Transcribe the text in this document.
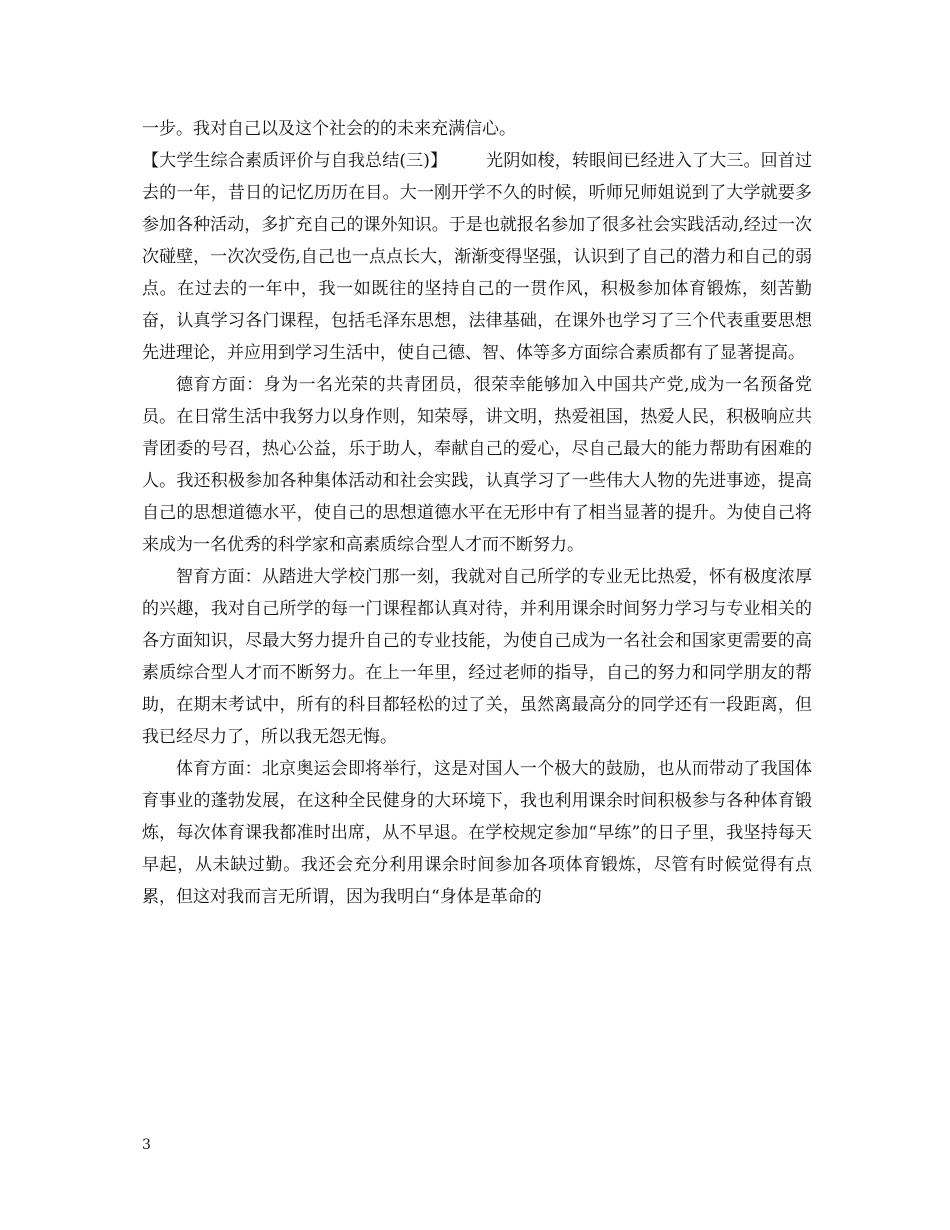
一步。我对自己以及这个社会的的未来充满信心。

【大学生综合素质评价与自我总结(三)】       光阴如梭，转眼间已经进入了大三。回首过去的一年，昔日的记忆历历在目。大一刚开学不久的时候，听师兄师姐说到了大学就要多参加各种活动，多扩充自己的课外知识。于是也就报名参加了很多社会实践活动,经过一次次碰壁，一次次受伤,自己也一点点长大，渐渐变得坚强，认识到了自己的潜力和自己的弱点。在过去的一年中，我一如既往的坚持自己的一贯作风，积极参加体育锻炼，刻苦勤奋，认真学习各门课程，包括毛泽东思想，法律基础，在课外也学习了三个代表重要思想先进理论，并应用到学习生活中，使自己德、智、体等多方面综合素质都有了显著提高。

德育方面：身为一名光荣的共青团员，很荣幸能够加入中国共产党,成为一名预备党员。在日常生活中我努力以身作则，知荣辱，讲文明，热爱祖国，热爱人民，积极响应共青团委的号召，热心公益，乐于助人，奉献自己的爱心，尽自己最大的能力帮助有困难的人。我还积极参加各种集体活动和社会实践，认真学习了一些伟大人物的先进事迹，提高自己的思想道德水平，使自己的思想道德水平在无形中有了相当显著的提升。为使自己将来成为一名优秀的科学家和高素质综合型人才而不断努力。

智育方面：从踏进大学校门那一刻，我就对自己所学的专业无比热爱，怀有极度浓厚的兴趣，我对自己所学的每一门课程都认真对待，并利用课余时间努力学习与专业相关的各方面知识，尽最大努力提升自己的专业技能，为使自己成为一名社会和国家更需要的高素质综合型人才而不断努力。在上一年里，经过老师的指导，自己的努力和同学朋友的帮助，在期末考试中，所有的科目都轻松的过了关，虽然离最高分的同学还有一段距离，但我已经尽力了，所以我无怨无悔。

体育方面：北京奥运会即将举行，这是对国人一个极大的鼓励，也从而带动了我国体育事业的蓬勃发展，在这种全民健身的大环境下，我也利用课余时间积极参与各种体育锻炼，每次体育课我都准时出席，从不早退。在学校规定参加“早练”的日子里，我坚持每天早起，从未缺过勤。我还会充分利用课余时间参加各项体育锻炼，尽管有时候觉得有点累，但这对我而言无所谓，因为我明白“身体是革命的

3
